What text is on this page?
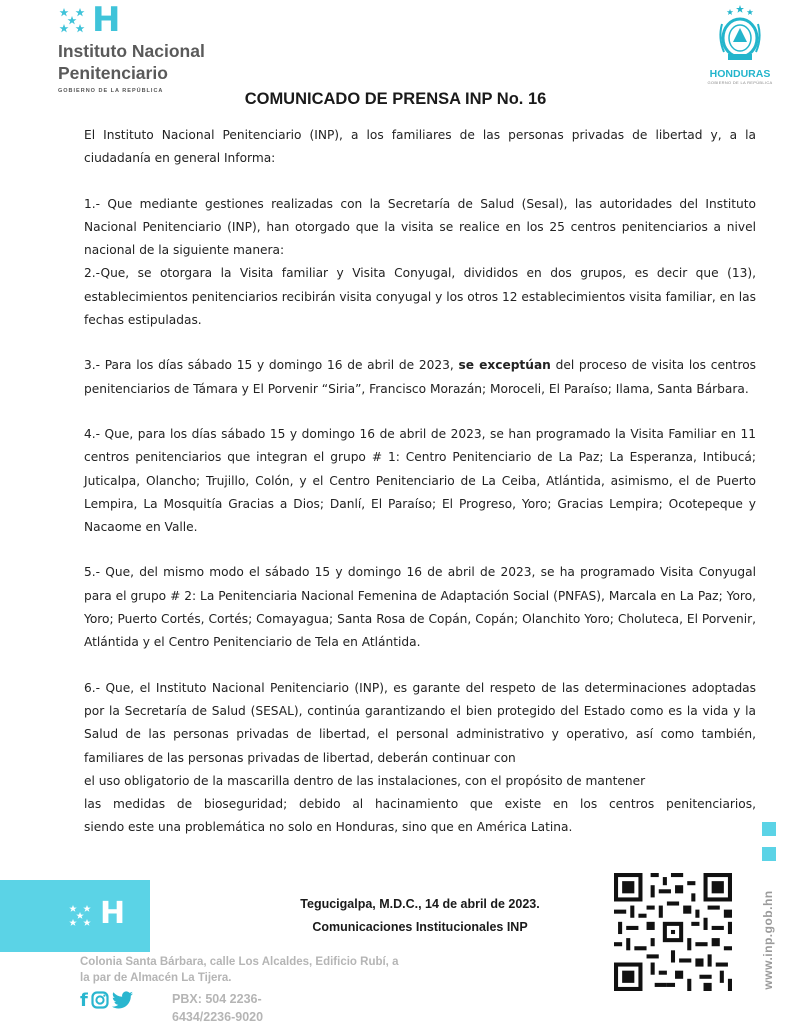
H
Instituto Nacional
Penitenciario
GOBIERNO DE LA REPÚBLICA
HONDURAS
GOBIERNO DE LA REPÚBLICA
COMUNICADO DE PRENSA INP No. 16

El Instituto Nacional Penitenciario (INP), a los familiares de las personas privadas de libertad y, a la ciudadanía en general Informa:

1.- Que mediante gestiones realizadas con la Secretaría de Salud (Sesal), las autoridades del Instituto Nacional Penitenciario (INP), han otorgado que la visita se realice en los 25 centros penitenciarios a nivel nacional de la siguiente manera:

2.-Que, se otorgara la Visita familiar y Visita Conyugal, divididos en dos grupos, es decir que (13), establecimientos penitenciarios recibirán visita conyugal y los otros 12 establecimientos visita familiar, en las fechas estipuladas.

3.- Para los días sábado 15 y domingo 16 de abril de 2023, se exceptúan del proceso de visita los centros penitenciarios de Támara y El Porvenir “Siria”, Francisco Morazán; Moroceli, El Paraíso; Ilama, Santa Bárbara.

4.- Que, para los días sábado 15 y domingo 16 de abril de 2023, se han programado la Visita Familiar en 11 centros penitenciarios que integran el grupo # 1: Centro Penitenciario de La Paz; La Esperanza, Intibucá; Juticalpa, Olancho; Trujillo, Colón, y el Centro Penitenciario de La Ceiba, Atlántida, asimismo, el de Puerto Lempira, La Mosquitía Gracias a Dios; Danlí, El Paraíso; El Progreso, Yoro; Gracias Lempira; Ocotepeque y Nacaome en Valle.

5.- Que, del mismo modo el sábado 15 y domingo 16 de abril de 2023, se ha programado Visita Conyugal para el grupo # 2: La Penitenciaria Nacional Femenina de Adaptación Social (PNFAS), Marcala en La Paz; Yoro, Yoro; Puerto Cortés, Cortés; Comayagua; Santa Rosa de Copán, Copán; Olanchito Yoro; Choluteca, El Porvenir, Atlántida y el Centro Penitenciario de Tela en Atlántida.

6.- Que, el Instituto Nacional Penitenciario (INP), es garante del respeto de las determinaciones adoptadas por la Secretaría de Salud (SESAL), continúa garantizando el bien protegido del Estado como es la vida y la Salud de las personas privadas de libertad, el personal administrativo y operativo, así como también, familiares de las personas privadas de libertad, deberán continuar con
el uso obligatorio de la mascarilla dentro de las instalaciones, con el propósito de mantener
las medidas de bioseguridad; debido al hacinamiento que existe en los centros penitenciarios,
siendo este una problemática no solo en Honduras, sino que en América Latina.

Tegucigalpa, M.D.C., 14 de abril de 2023.
Comunicaciones Institucionales INP
H
Colonia Santa Bárbara, calle Los Alcaldes, Edificio Rubí, a la par de Almacén La Tijera.
f	PBX: 504 2236-
6434/2236-9020
www.inp.gob.hn
